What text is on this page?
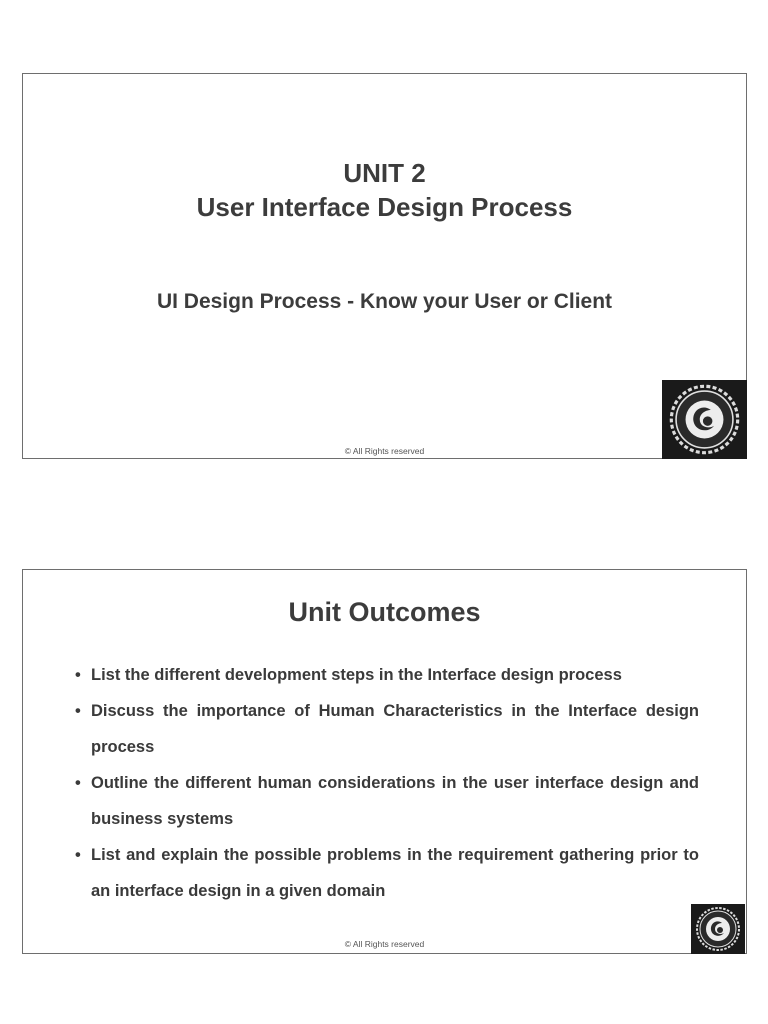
UNIT 2
User Interface Design Process
UI Design Process - Know your User or Client
© All Rights reserved
Unit Outcomes
• List the different development steps in the Interface design process
• Discuss the importance of Human Characteristics in the Interface design process
• Outline the different human considerations in the user interface design and business systems
• List and explain the possible problems in the requirement gathering prior to an interface design in a given domain
© All Rights reserved
